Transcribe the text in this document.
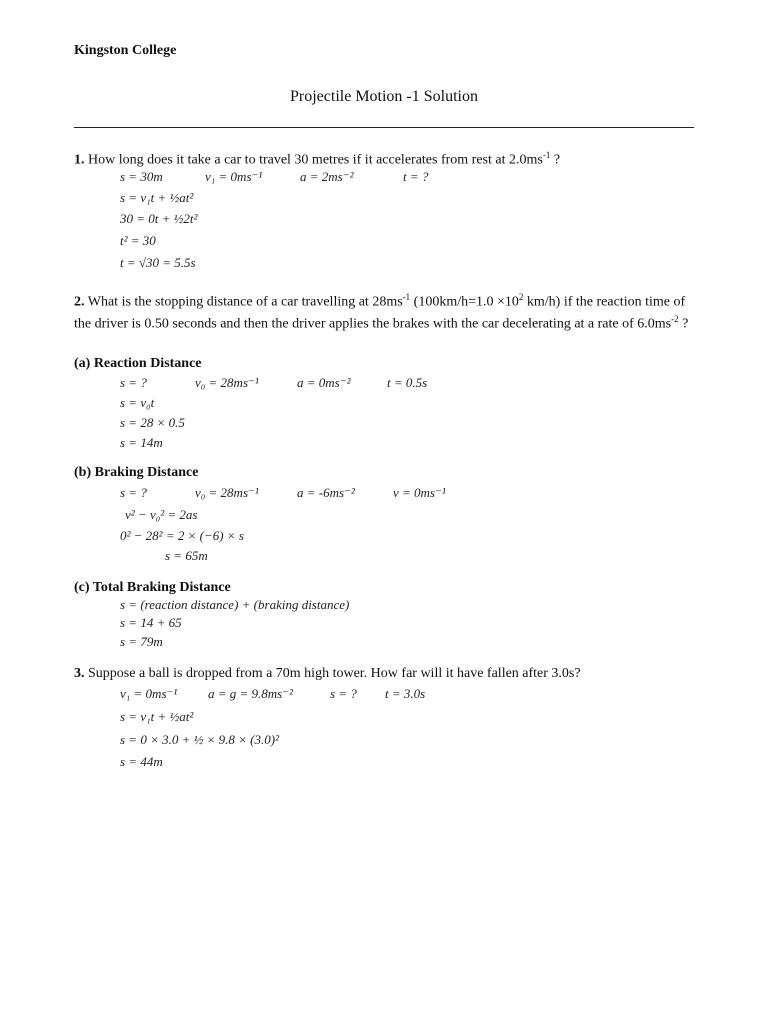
Kingston College
Projectile Motion -1 Solution
1. How long does it take a car to travel 30 metres if it accelerates from rest at $2.0ms^{-1}$ ?
s = 30m	v₁ = 0ms⁻¹	a = 2ms⁻²	t = ?
s = v₁t + ½at²
30 = 0t + ½2t²
t² = 30
t = √30 = 5.5s
2. What is the stopping distance of a car travelling at $28ms^{-1}$ ($100km/h=1.0 \times 10^2$ km/h) if the reaction time of the driver is 0.50 seconds and then the driver applies the brakes with the car decelerating at a rate of $6.0ms^{-2}$ ?
(a) Reaction Distance
s = ?	v₀ = 28ms⁻¹	a = 0ms⁻²	t = 0.5s
s = v₀t
s = 28 × 0.5
s = 14m
(b) Braking Distance
s = ?	v₀ = 28ms⁻¹	a = -6ms⁻²	v = 0ms⁻¹
v² − v₀² = 2as
0² − 28² = 2 × (−6) × s
s = 65m
(c) Total Braking Distance
s = (reaction distance) + (braking distance)
s = 14 + 65
s = 79m
3. Suppose a ball is dropped from a 70m high tower. How far will it have fallen after 3.0s?
v₁ = 0ms⁻¹ a = g = 9.8ms⁻²	s = ? t = 3.0s
s = v₁t + ½at²
s = 0 × 3.0 + ½ × 9.8 × (3.0)²
s = 44m
